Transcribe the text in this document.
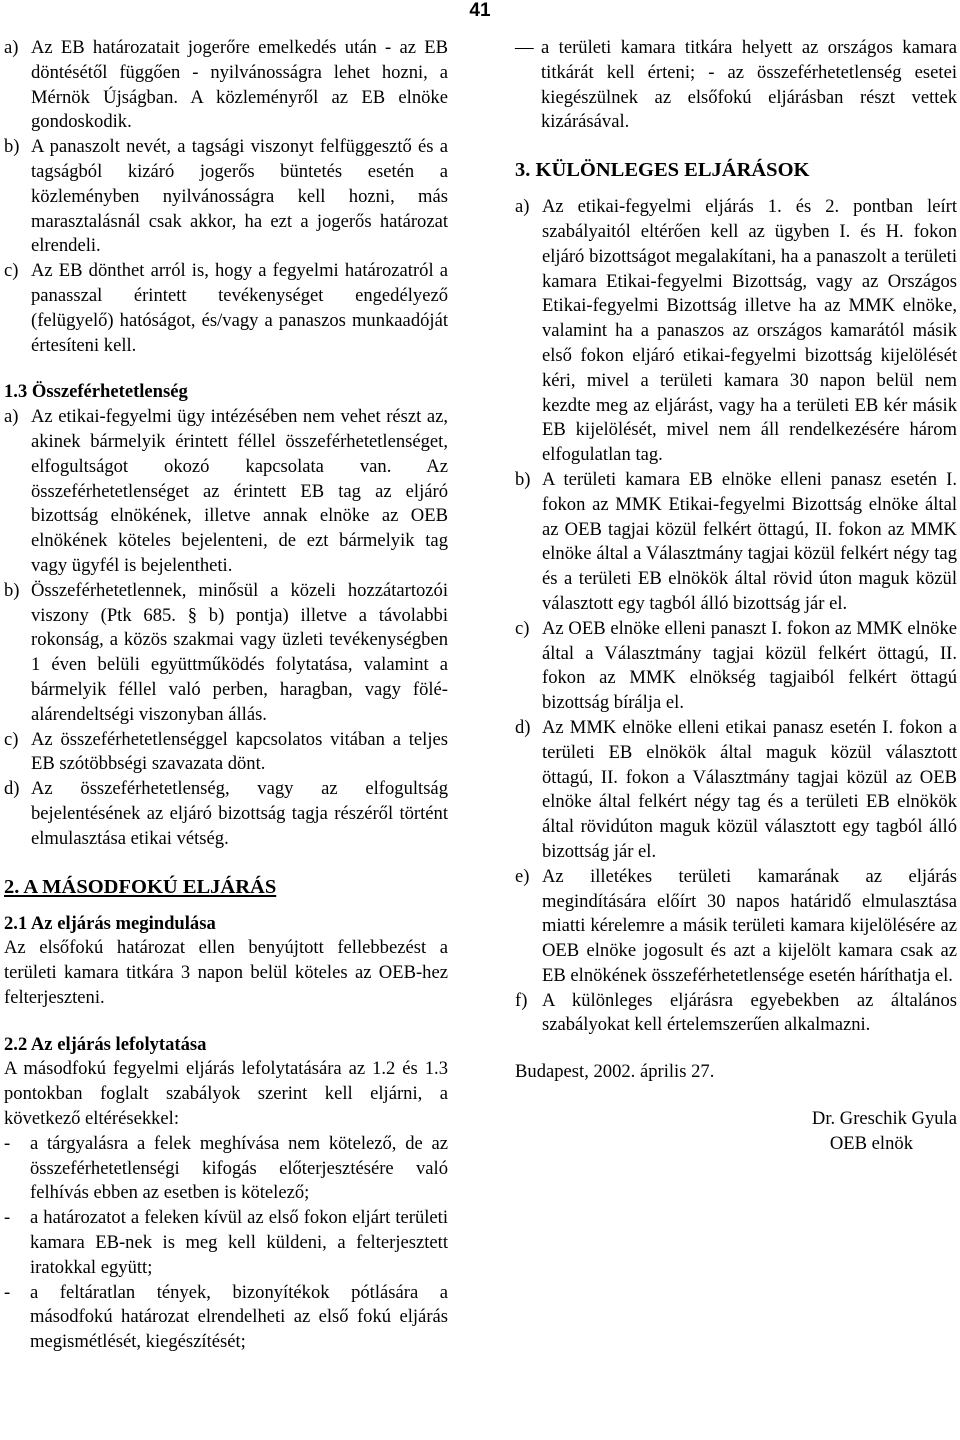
41
a) Az EB határozatait jogerőre emelkedés után - az EB döntésétől függően - nyilvánosságra lehet hozni, a Mérnök Újságban. A közleményről az EB elnöke gondoskodik.
b) A panaszolt nevét, a tagsági viszonyt felfüggesztő és a tagságból kizáró jogerős büntetés esetén a közleményben nyilvánosságra kell hozni, más marasztalásnál csak akkor, ha ezt a jogerős határozat elrendeli.
c) Az EB dönthet arról is, hogy a fegyelmi határozatról a panasszal érintett tevékenységet engedélyező (felügyelő) hatóságot, és/vagy a panaszos munkaadóját értesíteni kell.

1.3 Összeférhetetlenség

a) Az etikai-fegyelmi ügy intézésében nem vehet részt az, akinek bármelyik érintett féllel összeférhetetlenséget, elfogultságot okozó kapcsolata van. Az összeférhetetlenséget az érintett EB tag az eljáró bizottság elnökének, illetve annak elnöke az OEB elnökének köteles bejelenteni, de ezt bármelyik tag vagy ügyfél is bejelentheti.
b) Összeférhetetlennek, minősül a közeli hozzátartozói viszony (Ptk 685. § b) pontja) illetve a távolabbi rokonság, a közös szakmai vagy üzleti tevékenységben 1 éven belüli együttműködés folytatása, valamint a bármelyik féllel való perben, haragban, vagy fölé-alárendeltségi viszonyban állás.
c) Az összeférhetetlenséggel kapcsolatos vitában a teljes EB szótöbbségi szavazata dönt.
d) Az összeférhetetlenség, vagy az elfogultság bejelentésének az eljáró bizottság tagja részéről történt elmulasztása etikai vétség.

2. A MÁSODFOKÚ ELJÁRÁS

2.1 Az eljárás megindulása

Az elsőfokú határozat ellen benyújtott fellebbezést a területi kamara titkára 3 napon belül köteles az OEB-hez felterjeszteni.

2.2 Az eljárás lefolytatása

A másodfokú fegyelmi eljárás lefolytatására az 1.2 és 1.3 pontokban foglalt szabályok szerint kell eljárni, a következő eltérésekkel:

-	a tárgyalásra a felek meghívása nem kötelező, de az összeférhetetlenségi kifogás előterjesztésére való felhívás ebben az esetben is kötelező;
-	a határozatot a feleken kívül az első fokon eljárt területi kamara EB-nek is meg kell küldeni, a felterjesztett iratokkal együtt;
-	a feltáratlan tények, bizonyítékok pótlására a másodfokú határozat elrendelheti az első fokú eljárás megismétlését, kiegészítését;
— a területi kamara titkára helyett az országos kamara titkárát kell érteni; - az összeférhetetlenség esetei kiegészülnek az elsőfokú eljárásban részt vettek kizárásával.

3. KÜLÖNLEGES ELJÁRÁSOK

a) Az etikai-fegyelmi eljárás 1. és 2. pontban leírt szabályaitól eltérően kell az ügyben I. és H. fokon eljáró bizottságot megalakítani, ha a panaszolt a területi kamara Etikai-fegyelmi Bizottság, vagy az Országos Etikai-fegyelmi Bizottság illetve ha az MMK elnöke, valamint ha a panaszos az országos kamarától másik első fokon eljáró etikai-fegyelmi bizottság kijelölését kéri, mivel a területi kamara 30 napon belül nem kezdte meg az eljárást, vagy ha a területi EB kér másik EB kijelölését, mivel nem áll rendelkezésére három elfogulatlan tag.
b) A területi kamara EB elnöke elleni panasz esetén I. fokon az MMK Etikai-fegyelmi Bizottság elnöke által az OEB tagjai közül felkért öttagú, II. fokon az MMK elnöke által a Választmány tagjai közül felkért négy tag és a területi EB elnökök által rövid úton maguk közül választott egy tagból álló bizottság jár el.
c) Az OEB elnöke elleni panaszt I. fokon az MMK elnöke által a Választmány tagjai közül felkért öttagú, II. fokon az MMK elnökség tagjaiból felkért öttagú bizottság bírálja el.
d) Az MMK elnöke elleni etikai panasz esetén I. fokon a területi EB elnökök által maguk közül választott öttagú, II. fokon a Választmány tagjai közül az OEB elnöke által felkért négy tag és a területi EB elnökök által rövidúton maguk közül választott egy tagból álló bizottság jár el.
e) Az illetékes területi kamarának az eljárás megindítására előírt 30 napos határidő elmulasztása miatti kérelemre a másik területi kamara kijelölésére az OEB elnöke jogosult és azt a kijelölt kamara csak az EB elnökének összeférhetetlensége esetén háríthatja el.
f) A különleges eljárásra egyebekben az általános szabályokat kell értelemszerűen alkalmazni.

Budapest, 2002. április 27.

Dr. Greschik Gyula

OEB elnök
